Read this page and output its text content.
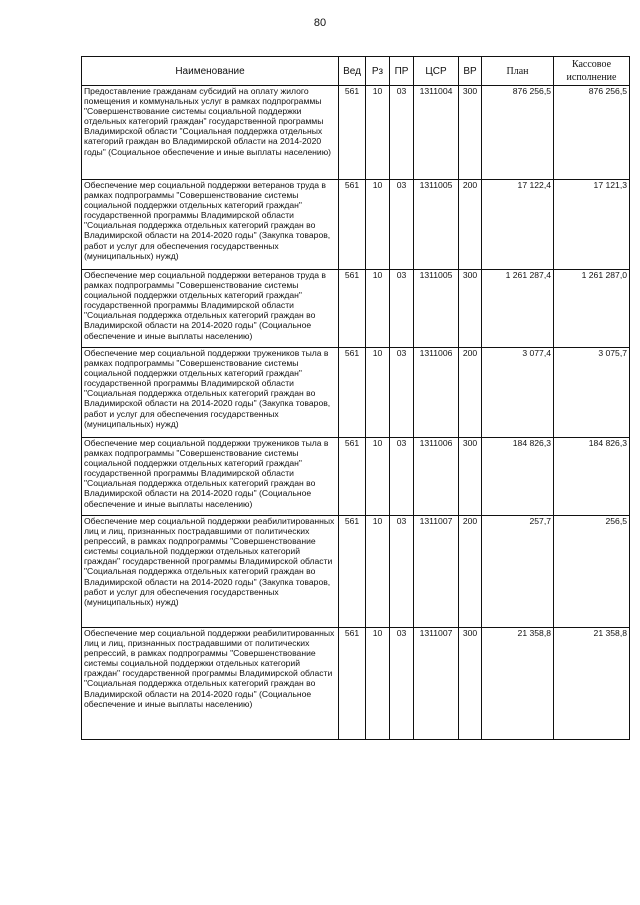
80
Наименование	Вед	Рз	ПР	ЦСР	ВР	План	Кассовое исполнение
Предоставление гражданам субсидий на оплату жилого помещения и коммунальных услуг в рамках подпрограммы "Совершенствование системы социальной поддержки отдельных категорий граждан" государственной программы Владимирской области "Социальная поддержка отдельных категорий граждан во Владимирской области на 2014-2020 годы" (Социальное обеспечение и иные выплаты населению)	561	10	03	1311004	300	876 256,5	876 256,5
Обеспечение мер социальной поддержки ветеранов труда в рамках подпрограммы "Совершенствование системы социальной поддержки отдельных категорий граждан" государственной программы Владимирской области "Социальная поддержка отдельных категорий граждан во Владимирской области на 2014-2020 годы" (Закупка товаров, работ и услуг для обеспечения государственных (муниципальных) нужд)	561	10	03	1311005	200	17 122,4	17 121,3
Обеспечение мер социальной поддержки ветеранов труда в рамках подпрограммы "Совершенствование системы социальной поддержки отдельных категорий граждан" государственной программы Владимирской области "Социальная поддержка отдельных категорий граждан во Владимирской области на 2014-2020 годы" (Социальное обеспечение и иные выплаты населению)	561	10	03	1311005	300	1 261 287,4	1 261 287,0
Обеспечение мер социальной поддержки тружеников тыла в рамках подпрограммы "Совершенствование системы социальной поддержки отдельных категорий граждан" государственной программы Владимирской области "Социальная поддержка отдельных категорий граждан во Владимирской области на 2014-2020 годы" (Закупка товаров, работ и услуг для обеспечения государственных (муниципальных) нужд)	561	10	03	1311006	200	3 077,4	3 075,7
Обеспечение мер социальной поддержки тружеников тыла в рамках подпрограммы "Совершенствование системы социальной поддержки отдельных категорий граждан" государственной программы Владимирской области "Социальная поддержка отдельных категорий граждан во Владимирской области на 2014-2020 годы" (Социальное обеспечение и иные выплаты населению)	561	10	03	1311006	300	184 826,3	184 826,3
Обеспечение мер социальной поддержки реабилитированных лиц и лиц, признанных пострадавшими от политических репрессий, в рамках подпрограммы "Совершенствование системы социальной поддержки отдельных категорий граждан" государственной программы Владимирской области "Социальная поддержка отдельных категорий граждан во Владимирской области на 2014-2020 годы" (Закупка товаров, работ и услуг для обеспечения государственных (муниципальных) нужд)	561	10	03	1311007	200	257,7	256,5
Обеспечение мер социальной поддержки реабилитированных лиц и лиц, признанных пострадавшими от политических репрессий, в рамках подпрограммы "Совершенствование системы социальной поддержки отдельных категорий граждан" государственной программы Владимирской области "Социальная поддержка отдельных категорий граждан во Владимирской области на 2014-2020 годы" (Социальное обеспечение и иные выплаты населению)	561	10	03	1311007	300	21 358,8	21 358,8
